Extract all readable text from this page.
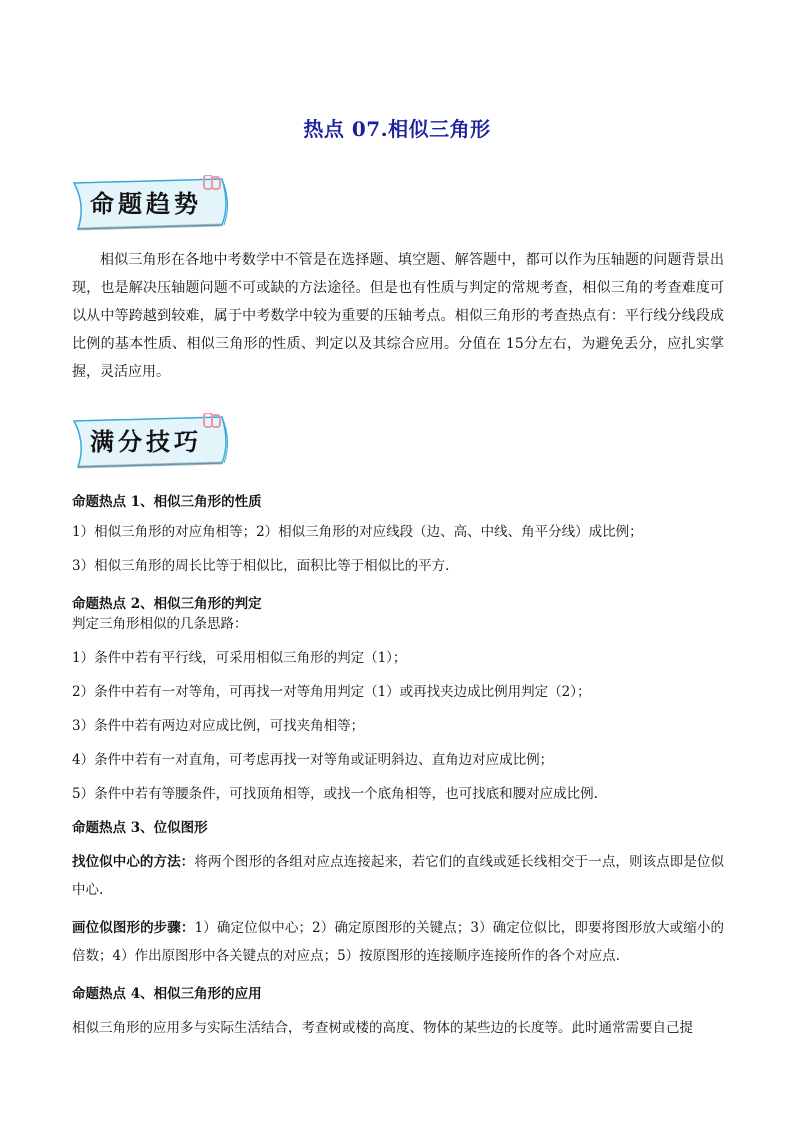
热点 07.相似三角形
命题趋势
相似三角形在各地中考数学中不管是在选择题、填空题、解答题中，都可以作为压轴题的问题背景出现，也是解决压轴题问题不可或缺的方法途径。但是也有性质与判定的常规考查，相似三角的考查难度可以从中等跨越到较难，属于中考数学中较为重要的压轴考点。相似三角形的考查热点有：平行线分线段成比例的基本性质、相似三角形的性质、判定以及其综合应用。分值在 15分左右，为避免丢分，应扎实掌握，灵活应用。
满分技巧

命题热点 1、相似三角形的性质

1）相似三角形的对应角相等；2）相似三角形的对应线段（边、高、中线、角平分线）成比例；

3）相似三角形的周长比等于相似比，面积比等于相似比的平方.

命题热点 2、相似三角形的判定

判定三角形相似的几条思路：

1）条件中若有平行线，可采用相似三角形的判定（1）；

2）条件中若有一对等角，可再找一对等角用判定（1）或再找夹边成比例用判定（2）；

3）条件中若有两边对应成比例，可找夹角相等；

4）条件中若有一对直角，可考虑再找一对等角或证明斜边、直角边对应成比例；

5）条件中若有等腰条件，可找顶角相等，或找一个底角相等，也可找底和腰对应成比例.

命题热点 3、位似图形

找位似中心的方法：将两个图形的各组对应点连接起来，若它们的直线或延长线相交于一点，则该点即是位似中心.

画位似图形的步骤：1）确定位似中心；2）确定原图形的关键点；3）确定位似比，即要将图形放大或缩小的倍数；4）作出原图形中各关键点的对应点；5）按原图形的连接顺序连接所作的各个对应点.

命题热点 4、相似三角形的应用

相似三角形的应用多与实际生活结合，考查树或楼的高度、物体的某些边的长度等。此时通常需要自己提
